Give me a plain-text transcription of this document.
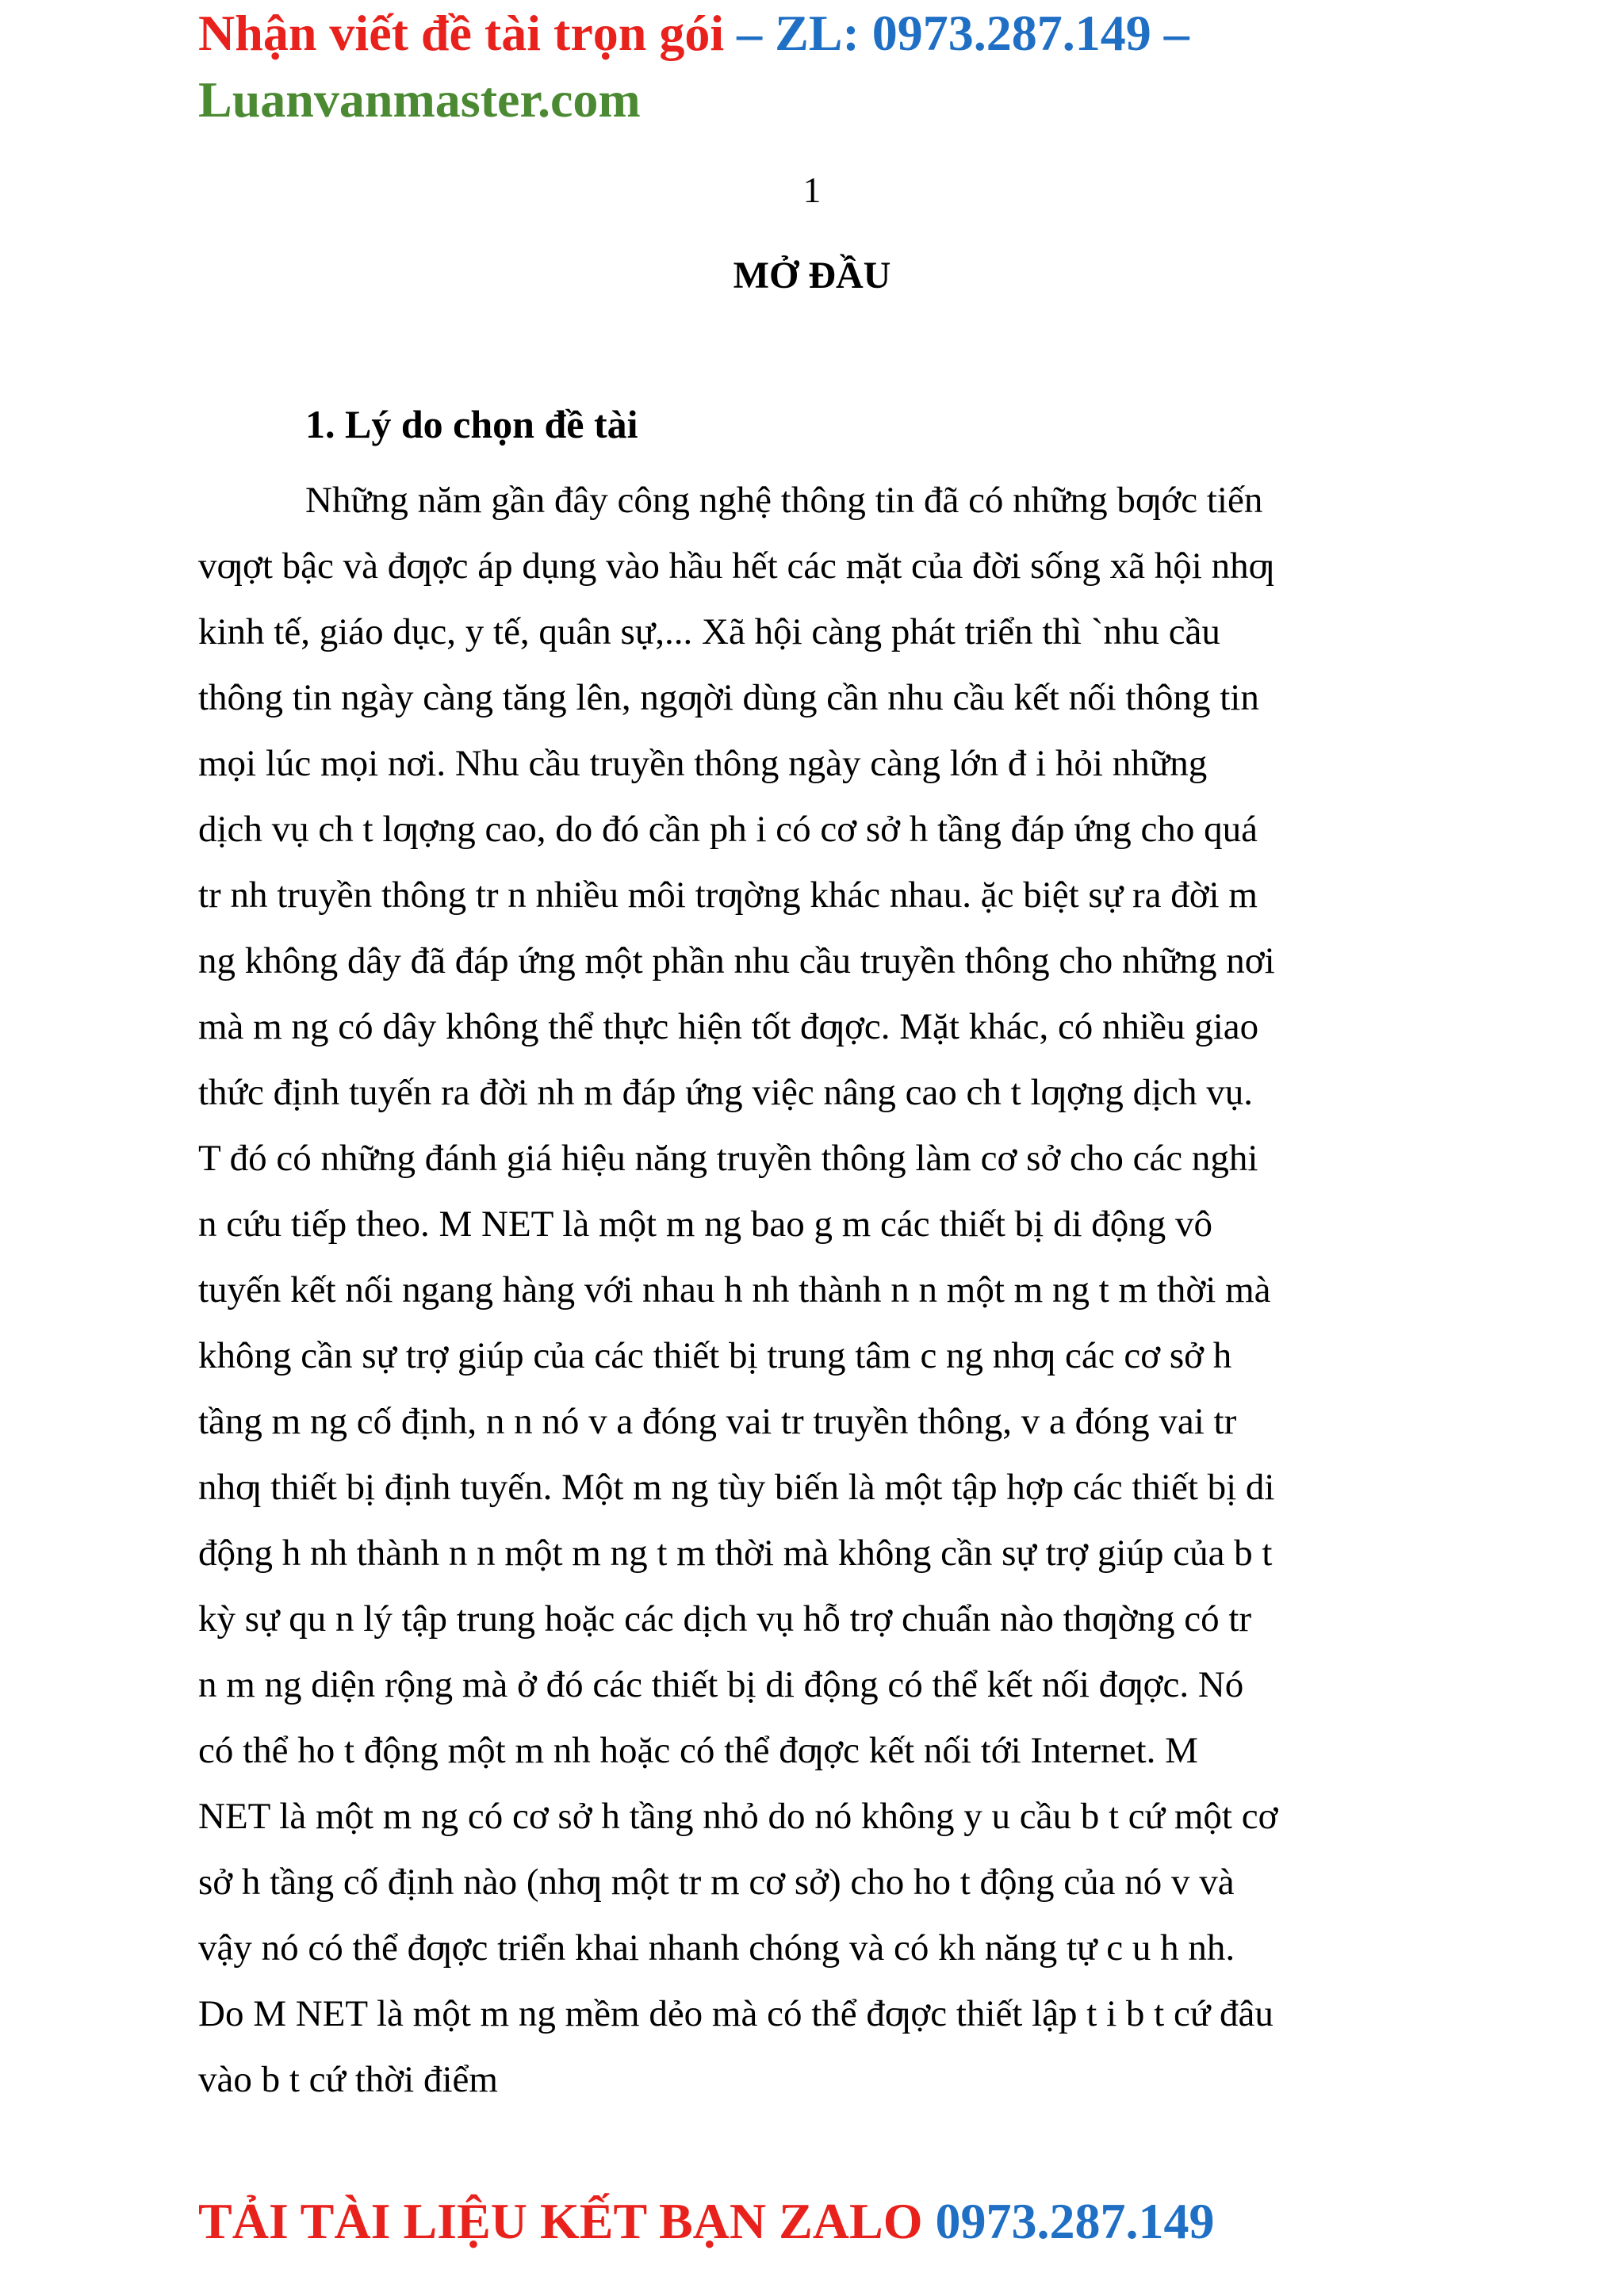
Nhận viết đề tài trọn gói – ZL: 0973.287.149 –
Luanvanmaster.com
1
MỞ ĐẦU
1. Lý do chọn đề tài
Những năm gần đây công nghệ thông tin đã có những bƣớc tiến
vƣợt bậc và đƣợc áp dụng vào hầu hết các mặt của đời sống xã hội nhƣ
kinh tế, giáo dục, y tế, quân sự,... Xã hội càng phát triển thì `nhu cầu
thông tin ngày càng tăng lên, ngƣời dùng cần nhu cầu kết nối thông tin
mọi lúc mọi nơi. Nhu cầu truyền thông ngày càng lớn đ i hỏi những
dịch vụ ch t lƣợng cao, do đó cần ph i có cơ sở h tầng đáp ứng cho quá
tr nh truyền thông tr n nhiều môi trƣờng khác nhau. ặc biệt sự ra đời m
ng không dây đã đáp ứng một phần nhu cầu truyền thông cho những nơi
mà m ng có dây không thể thực hiện tốt đƣợc. Mặt khác, có nhiều giao
thức định tuyến ra đời nh m đáp ứng việc nâng cao ch t lƣợng dịch vụ.
T đó có những đánh giá hiệu năng truyền thông làm cơ sở cho các nghi
n cứu tiếp theo. M NET là một m ng bao g m các thiết bị di động vô
tuyến kết nối ngang hàng với nhau h nh thành n n một m ng t m thời mà
không cần sự trợ giúp của các thiết bị trung tâm c ng nhƣ các cơ sở h
tầng m ng cố định, n n nó v a đóng vai tr truyền thông, v a đóng vai tr
nhƣ thiết bị định tuyến. Một m ng tùy biến là một tập hợp các thiết bị di
động h nh thành n n một m ng t m thời mà không cần sự trợ giúp của b t
kỳ sự qu n lý tập trung hoặc các dịch vụ hỗ trợ chuẩn nào thƣờng có tr
n m ng diện rộng mà ở đó các thiết bị di động có thể kết nối đƣợc. Nó
có thể ho t động một m nh hoặc có thể đƣợc kết nối tới Internet. M
NET là một m ng có cơ sở h tầng nhỏ do nó không y u cầu b t cứ một cơ
sở h tầng cố định nào (nhƣ một tr m cơ sở) cho ho t động của nó v và
vậy nó có thể đƣợc triển khai nhanh chóng và có kh năng tự c u h nh.
Do M NET là một m ng mềm dẻo mà có thể đƣợc thiết lập t i b t cứ đâu
vào b t cứ thời điểm
TẢI TÀI LIỆU KẾT BẠN ZALO 0973.287.149
